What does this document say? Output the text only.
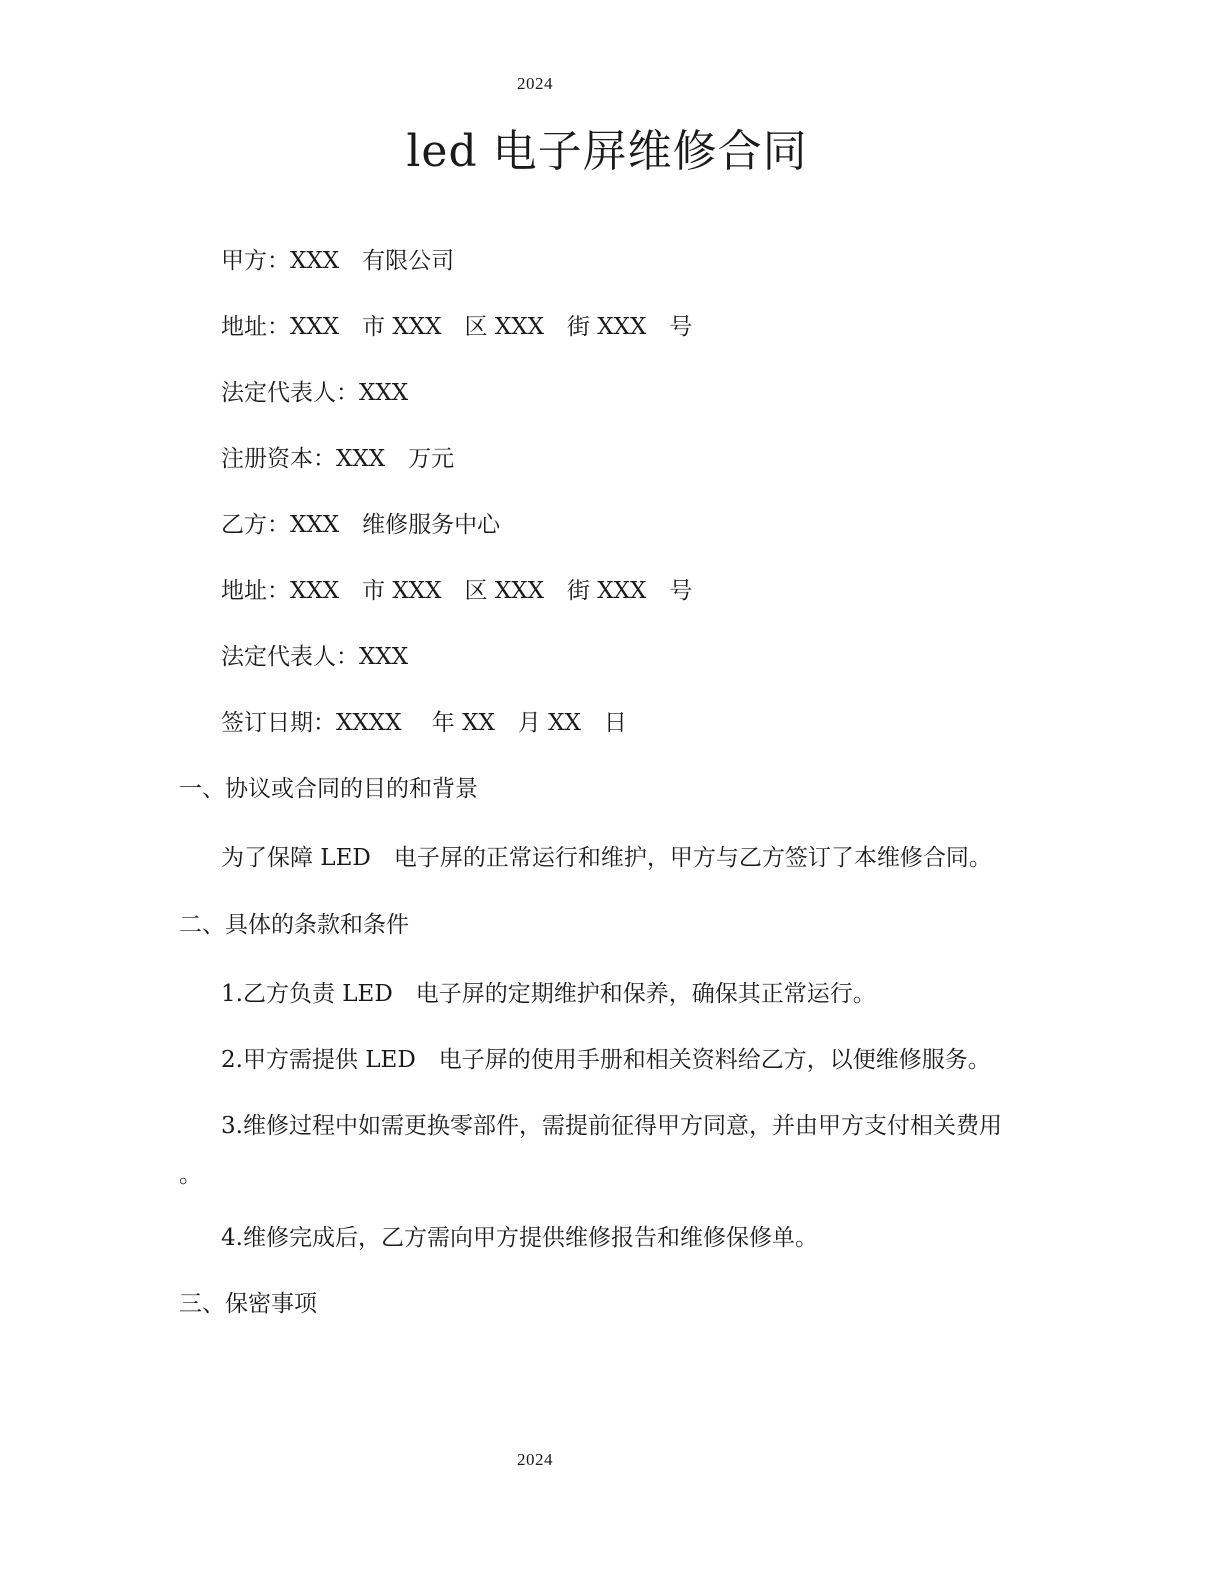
2024
led 电子屏维修合同
甲方：XXX　有限公司
地址：XXX　市 XXX　区 XXX　街 XXX　号
法定代表人：XXX
注册资本：XXX　万元
乙方：XXX　维修服务中心
地址：XXX　市 XXX　区 XXX　街 XXX　号
法定代表人：XXX
签订日期：XXXX　 年 XX　月 XX　日
一、协议或合同的目的和背景
为了保障 LED　电子屏的正常运行和维护，甲方与乙方签订了本维修合同。
二、具体的条款和条件
1.乙方负责 LED　电子屏的定期维护和保养，确保其正常运行。
2.甲方需提供 LED　电子屏的使用手册和相关资料给乙方，以便维修服务。
3.维修过程中如需更换零部件，需提前征得甲方同意，并由甲方支付相关费用
。
4.维修完成后，乙方需向甲方提供维修报告和维修保修单。
三、保密事项
2024
